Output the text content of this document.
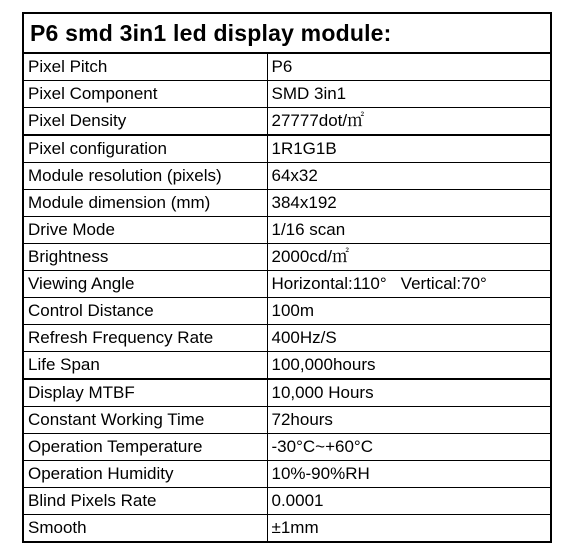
P6 smd 3in1 led display module:
Pixel Pitch	P6
Pixel Component	SMD 3in1
Pixel Density	27777dot/㎡
Pixel configuration	1R1G1B
Module resolution (pixels)	64x32
Module dimension (mm)	384x192
Drive Mode	1/16 scan
Brightness	2000cd/㎡
Viewing Angle	Horizontal:110° Vertical:70°
Control Distance	100m
Refresh Frequency Rate	400Hz/S
Life Span	100,000hours
Display MTBF	10,000 Hours
Constant Working Time	72hours
Operation Temperature	-30°C~+60°C
Operation Humidity	10%-90%RH
Blind Pixels Rate	0.0001
Smooth	±1mm
